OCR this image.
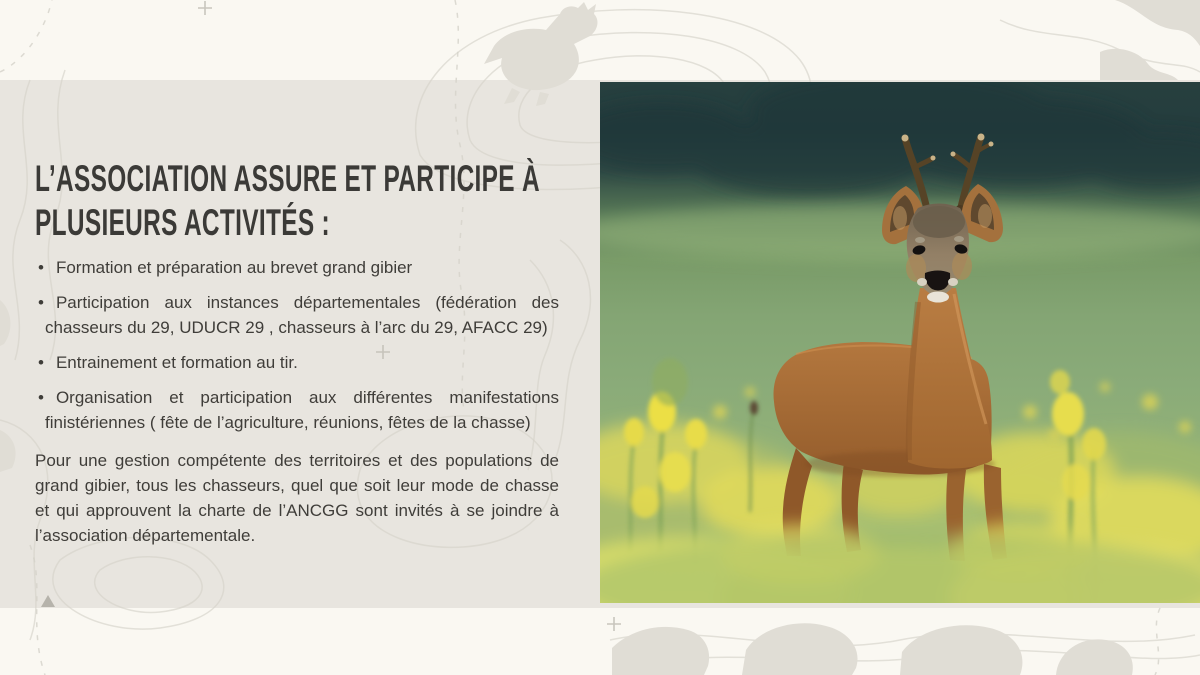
L’ASSOCIATION ASSURE ET PARTICIPE À
PLUSIEURS ACTIVITÉS :
• Formation et préparation au brevet grand gibier
• Participation aux instances départementales (fédération des chasseurs du 29, UDUCR 29 , chasseurs à l’arc du 29, AFACC 29)
• Entrainement et formation au tir.
• Organisation et participation aux différentes manifestations finistériennes ( fête de l’agriculture, réunions, fêtes de la chasse)

Pour une gestion compétente des territoires et des populations de grand gibier, tous les chasseurs, quel que soit leur mode de chasse et qui approuvent la charte de l’ANCGG sont invités à se joindre à l’association départementale.
